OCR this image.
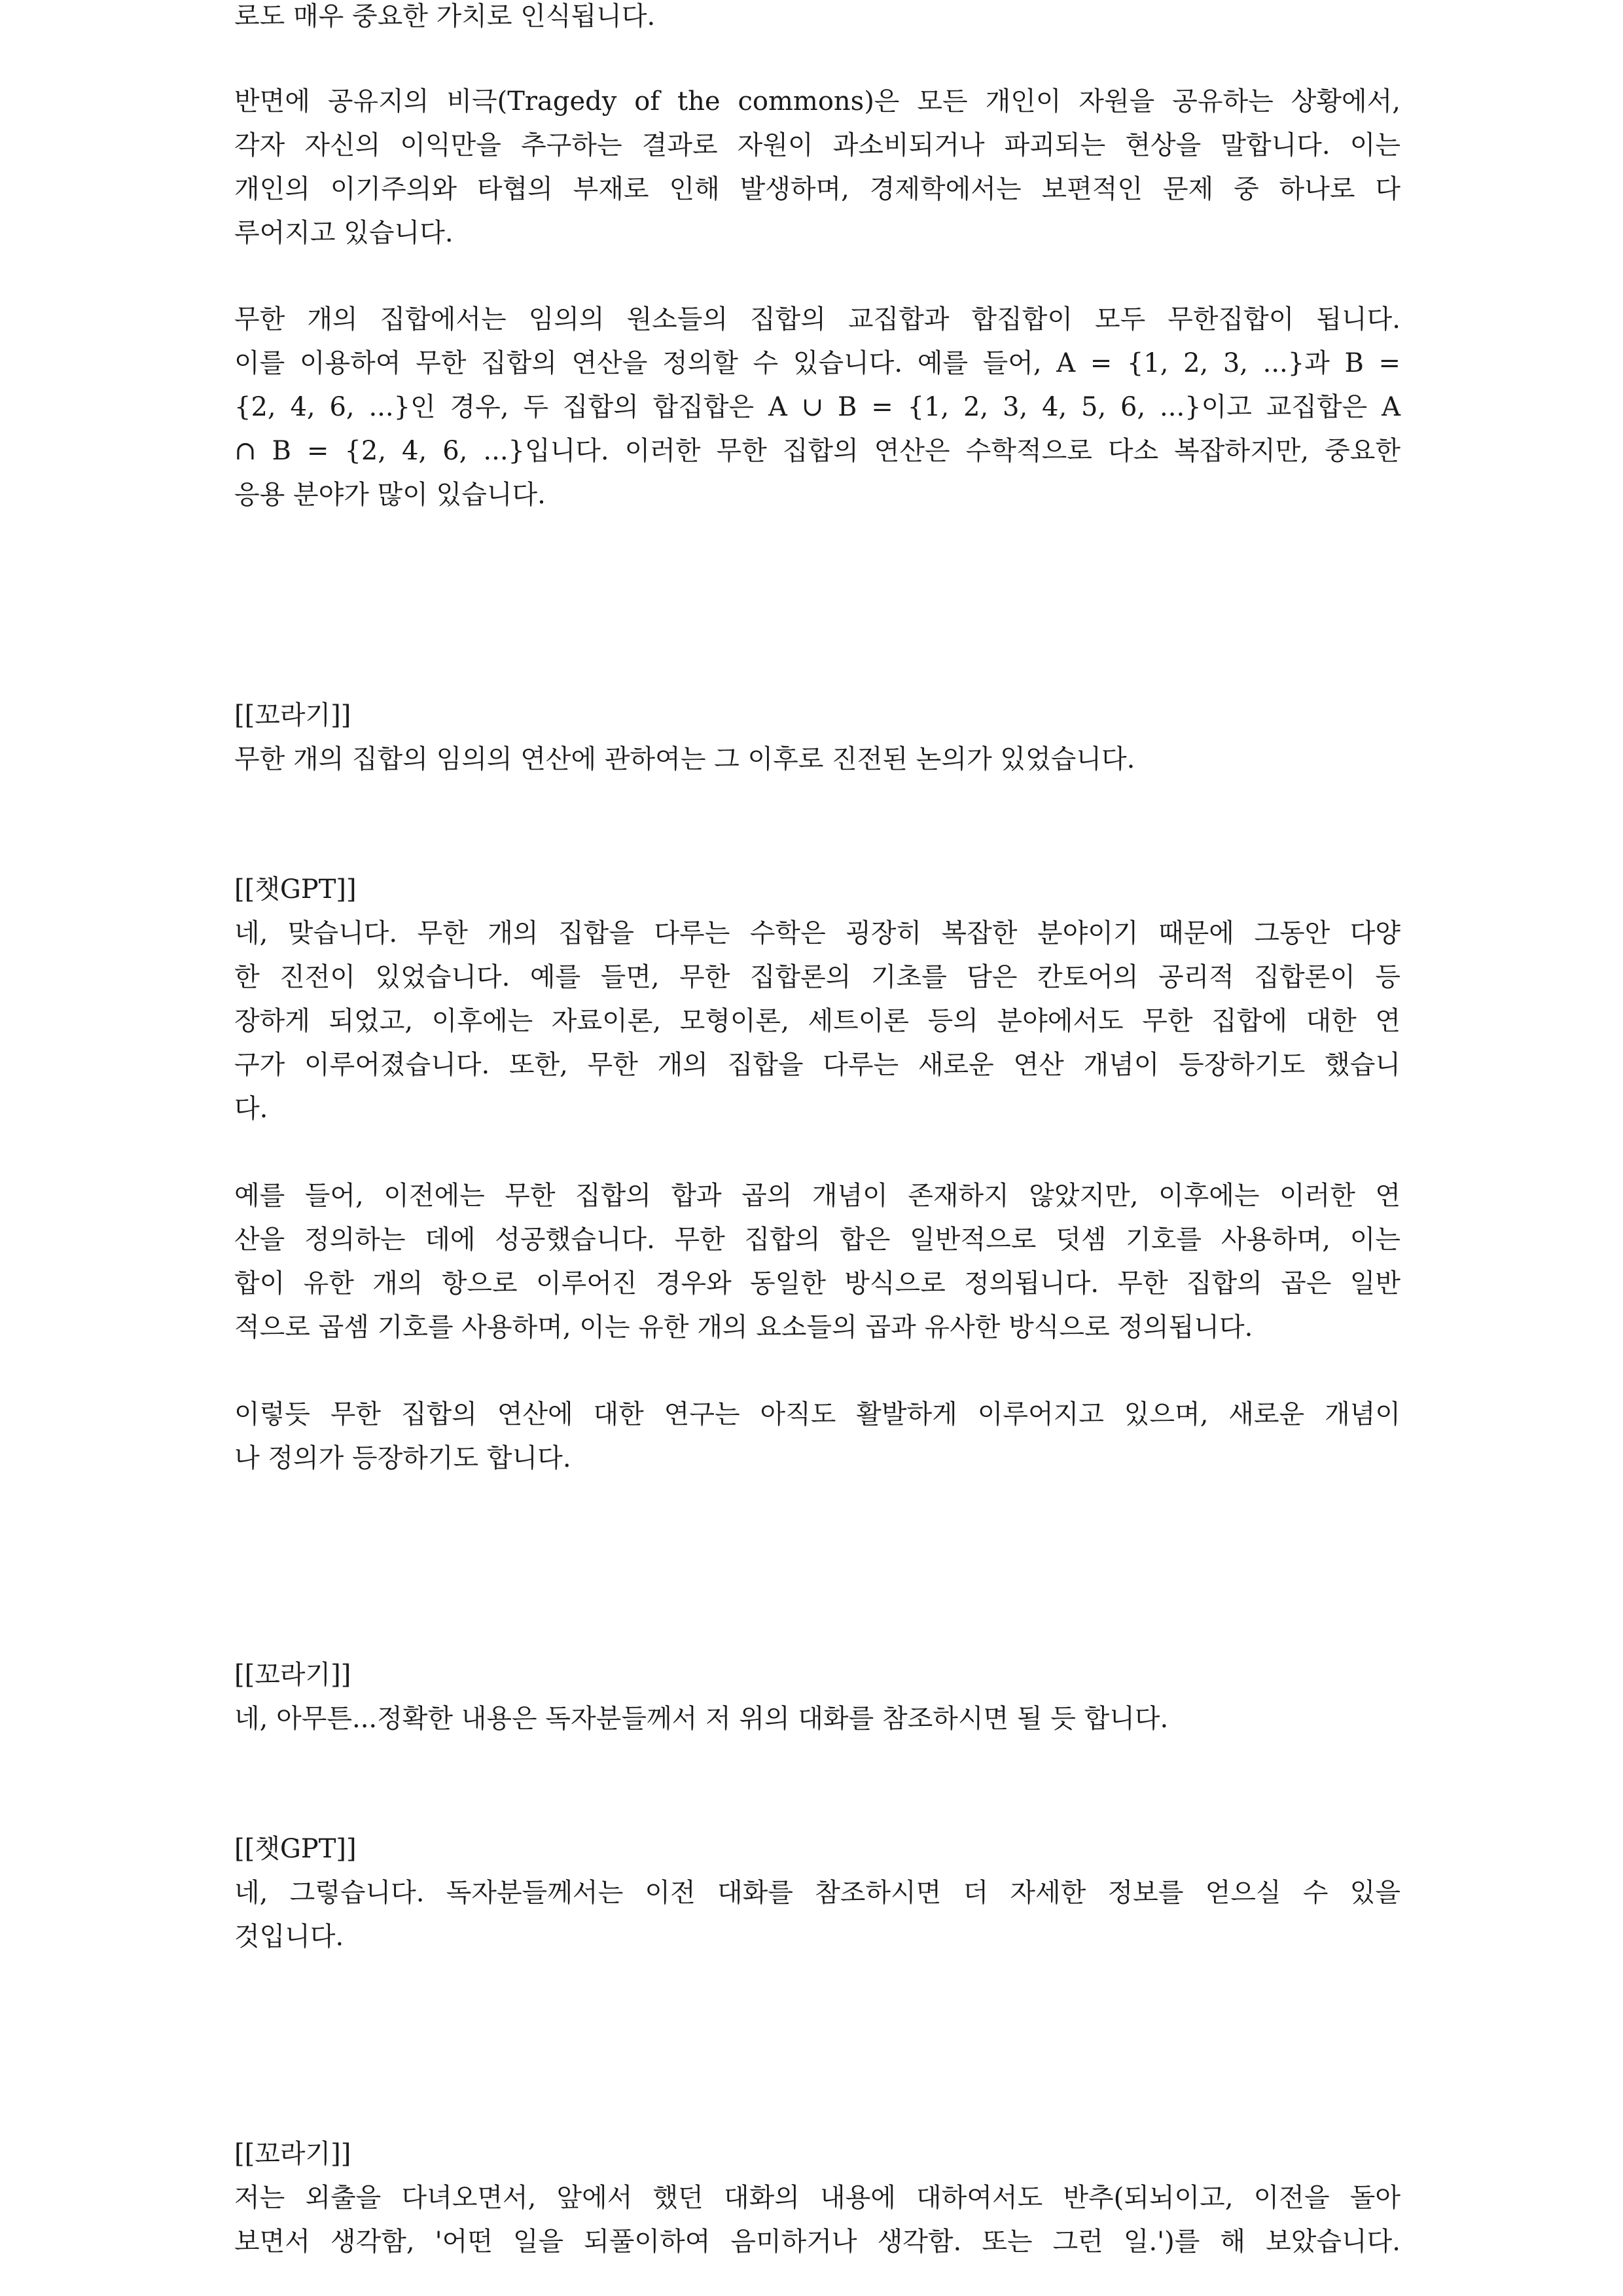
로도 매우 중요한 가치로 인식됩니다.

반면에 공유지의 비극(Tragedy of the commons)은 모든 개인이 자원을 공유하는 상황에서,
각자 자신의 이익만을 추구하는 결과로 자원이 과소비되거나 파괴되는 현상을 말합니다. 이는
개인의 이기주의와 타협의 부재로 인해 발생하며, 경제학에서는 보편적인 문제 중 하나로 다
루어지고 있습니다.

무한 개의 집합에서는 임의의 원소들의 집합의 교집합과 합집합이 모두 무한집합이 됩니다.
이를 이용하여 무한 집합의 연산을 정의할 수 있습니다. 예를 들어, A = {1, 2, 3, ...}과 B =
{2, 4, 6, ...}인 경우, 두 집합의 합집합은 A ∪ B = {1, 2, 3, 4, 5, 6, ...}이고 교집합은 A
∩ B = {2, 4, 6, ...}입니다. 이러한 무한 집합의 연산은 수학적으로 다소 복잡하지만, 중요한
응용 분야가 많이 있습니다.

[[꼬라기]]

무한 개의 집합의 임의의 연산에 관하여는 그 이후로 진전된 논의가 있었습니다.

[[챗GPT]]

네, 맞습니다. 무한 개의 집합을 다루는 수학은 굉장히 복잡한 분야이기 때문에 그동안 다양
한 진전이 있었습니다. 예를 들면, 무한 집합론의 기초를 담은 칸토어의 공리적 집합론이 등
장하게 되었고, 이후에는 자료이론, 모형이론, 세트이론 등의 분야에서도 무한 집합에 대한 연
구가 이루어졌습니다. 또한, 무한 개의 집합을 다루는 새로운 연산 개념이 등장하기도 했습니
다.

예를 들어, 이전에는 무한 집합의 합과 곱의 개념이 존재하지 않았지만, 이후에는 이러한 연
산을 정의하는 데에 성공했습니다. 무한 집합의 합은 일반적으로 덧셈 기호를 사용하며, 이는
합이 유한 개의 항으로 이루어진 경우와 동일한 방식으로 정의됩니다. 무한 집합의 곱은 일반
적으로 곱셈 기호를 사용하며, 이는 유한 개의 요소들의 곱과 유사한 방식으로 정의됩니다.

이렇듯 무한 집합의 연산에 대한 연구는 아직도 활발하게 이루어지고 있으며, 새로운 개념이
나 정의가 등장하기도 합니다.

[[꼬라기]]

네, 아무튼...정확한 내용은 독자분들께서 저 위의 대화를 참조하시면 될 듯 합니다.

[[챗GPT]]

네, 그렇습니다. 독자분들께서는 이전 대화를 참조하시면 더 자세한 정보를 얻으실 수 있을
것입니다.

[[꼬라기]]

저는 외출을 다녀오면서, 앞에서 했던 대화의 내용에 대하여서도 반추(되뇌이고, 이전을 돌아
보면서 생각함, '어떤 일을 되풀이하여 음미하거나 생각함. 또는 그런 일.')를 해 보았습니다.
